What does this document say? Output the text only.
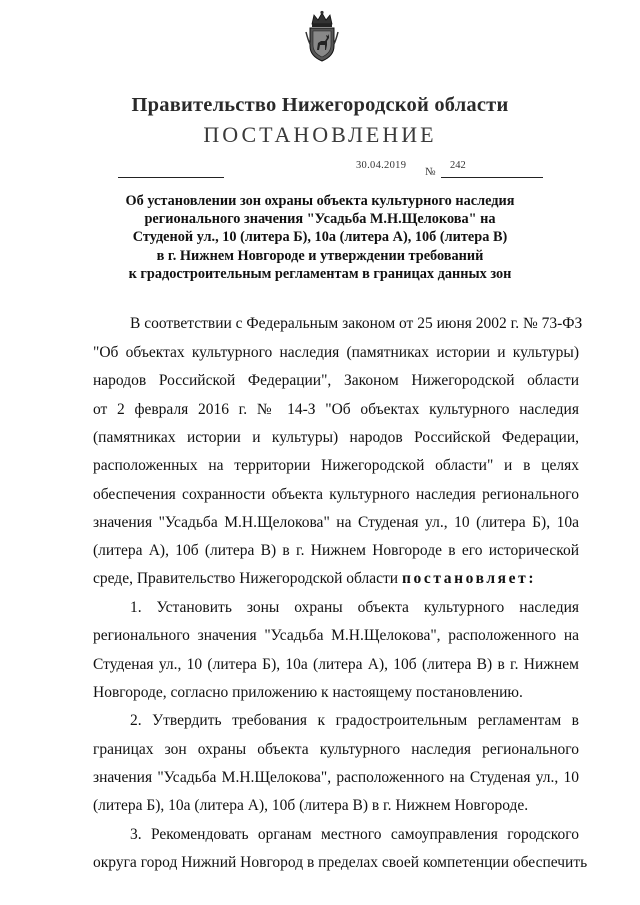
Правительство Нижегородской области
ПОСТАНОВЛЕНИЕ
30.04.2019
№
242
Об установлении зон охраны объекта культурного наследия
регионального значения "Усадьба М.Н.Щелокова" на
Студеной ул., 10 (литера Б), 10а (литера А), 10б (литера В)
в г. Нижнем Новгороде и утверждении требований
к градостроительным регламентам в границах данных зон
В соответствии с Федеральным законом от 25 июня 2002 г. № 73-ФЗ
"Об объектах культурного наследия (памятниках истории и культуры)
народов Российской Федерации", Законом Нижегородской области
от 2 февраля 2016 г. № 14-З "Об объектах культурного наследия
(памятниках истории и культуры) народов Российской Федерации,
расположенных на территории Нижегородской области" и в целях
обеспечения сохранности объекта культурного наследия регионального
значения "Усадьба М.Н.Щелокова" на Студеная ул., 10 (литера Б), 10а
(литера А), 10б (литера В) в г. Нижнем Новгороде в его исторической
среде, Правительство Нижегородской области постановляет:
1. Установить зоны охраны объекта культурного наследия
регионального значения "Усадьба М.Н.Щелокова", расположенного на
Студеная ул., 10 (литера Б), 10а (литера А), 10б (литера В) в г. Нижнем
Новгороде, согласно приложению к настоящему постановлению.
2. Утвердить требования к градостроительным регламентам в
границах зон охраны объекта культурного наследия регионального
значения "Усадьба М.Н.Щелокова", расположенного на Студеная ул., 10
(литера Б), 10а (литера А), 10б (литера В) в г. Нижнем Новгороде.
3. Рекомендовать органам местного самоуправления городского
округа город Нижний Новгород в пределах своей компетенции обеспечить
